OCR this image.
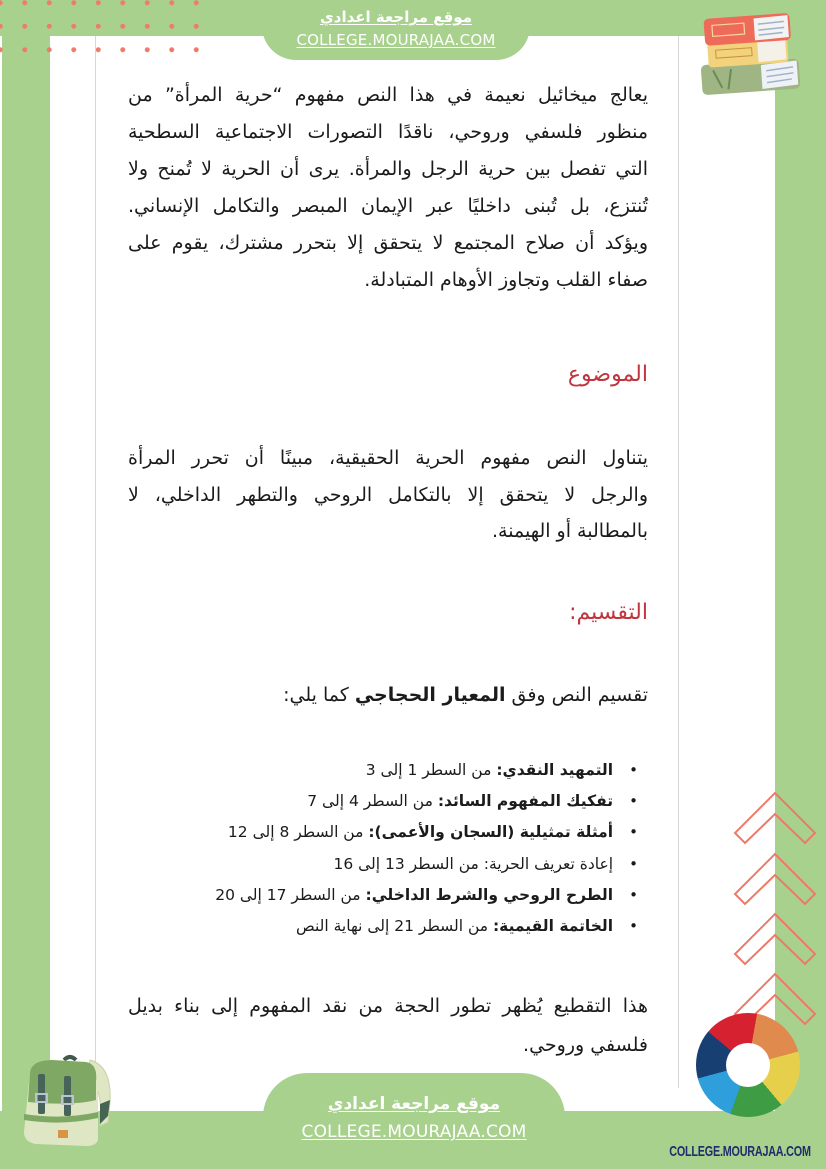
موقع مراجعة اعدادي
COLLEGE.MOURAJAA.COM
يعالج ميخائيل نعيمة في هذا النص مفهوم “حرية المرأة” من
منظور فلسفي وروحي، ناقدًا التصورات الاجتماعية السطحية
التي تفصل بين حرية الرجل والمرأة. يرى أن الحرية لا تُمنح ولا
تُنتزع، بل تُبنى داخليًا عبر الإيمان المبصر والتكامل الإنساني.
ويؤكد أن صلاح المجتمع لا يتحقق إلا بتحرر مشترك، يقوم على
صفاء القلب وتجاوز الأوهام المتبادلة.
الموضوع
يتناول النص مفهوم الحرية الحقيقية، مبينًا أن تحرر المرأة
والرجل لا يتحقق إلا بالتكامل الروحي والتطهر الداخلي، لا
بالمطالبة أو الهيمنة.
التقسيم:
تقسيم النص وفق المعيار الحجاجي كما يلي:
• التمهيد النقدي: من السطر 1 إلى 3
• تفكيك المفهوم السائد: من السطر 4 إلى 7
• أمثلة تمثيلية (السجان والأعمى): من السطر 8 إلى 12
• إعادة تعريف الحرية: من السطر 13 إلى 16
• الطرح الروحي والشرط الداخلي: من السطر 17 إلى 20
• الخاتمة القيمية: من السطر 21 إلى نهاية النص
هذا التقطيع يُظهر تطور الحجة من نقد المفهوم إلى بناء بديل
فلسفي وروحي.
موقع مراجعة اعدادي
COLLEGE.MOURAJAA.COM
COLLEGE.MOURAJAA.COM
